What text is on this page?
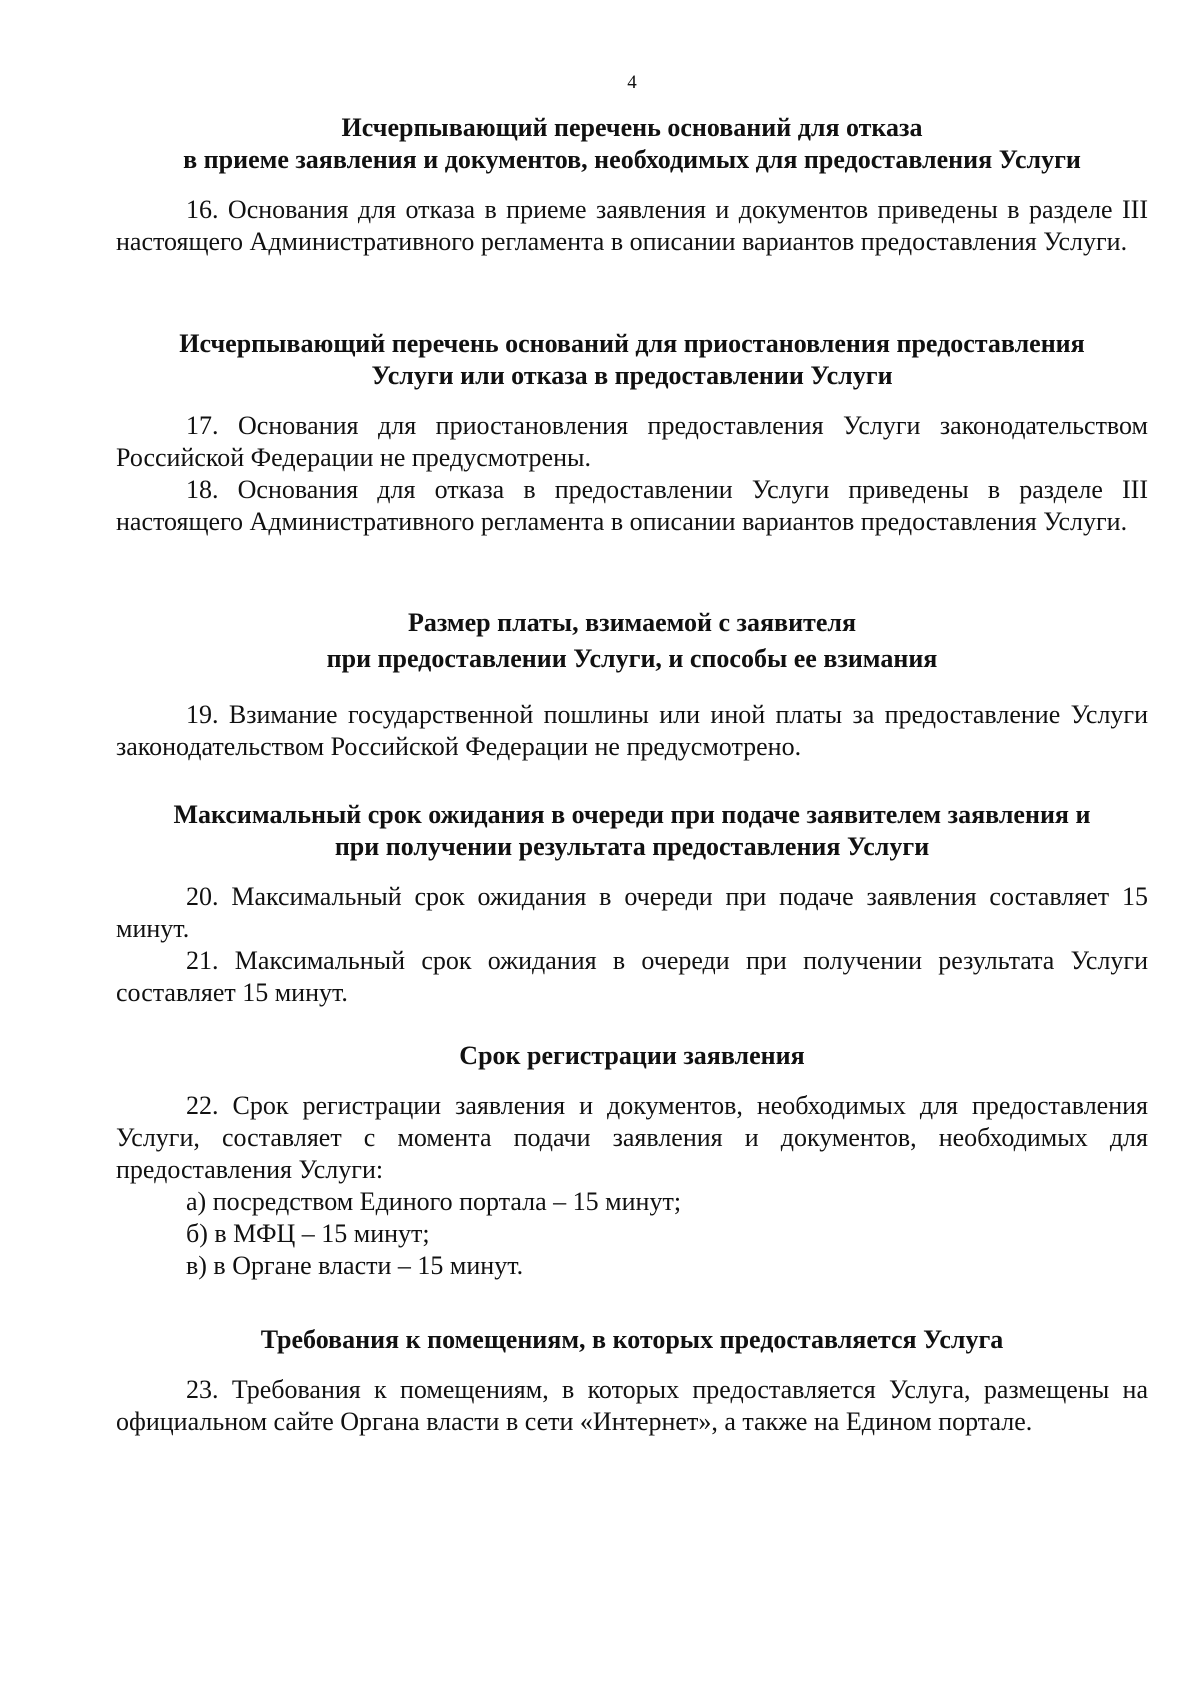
4
Исчерпывающий перечень оснований для отказа
в приеме заявления и документов, необходимых для предоставления Услуги

16. Основания для отказа в приеме заявления и документов приведены в разделе III настоящего Административного регламента в описании вариантов предоставления Услуги.

Исчерпывающий перечень оснований для приостановления предоставления
Услуги или отказа в предоставлении Услуги

17. Основания для приостановления предоставления Услуги законодательством Российской Федерации не предусмотрены.

18. Основания для отказа в предоставлении Услуги приведены в разделе III настоящего Административного регламента в описании вариантов предоставления Услуги.

Размер платы, взимаемой с заявителя
при предоставлении Услуги, и способы ее взимания

19. Взимание государственной пошлины или иной платы за предоставление Услуги законодательством Российской Федерации не предусмотрено.

Максимальный срок ожидания в очереди при подаче заявителем заявления и
при получении результата предоставления Услуги

20. Максимальный срок ожидания в очереди при подаче заявления составляет 15 минут.

21. Максимальный срок ожидания в очереди при получении результата Услуги составляет 15 минут.

Срок регистрации заявления

22. Срок регистрации заявления и документов, необходимых для предоставления Услуги, составляет с момента подачи заявления и документов, необходимых для предоставления Услуги:

а) посредством Единого портала – 15 минут;

б) в МФЦ – 15 минут;

в) в Органе власти – 15 минут.

Требования к помещениям, в которых предоставляется Услуга

23. Требования к помещениям, в которых предоставляется Услуга, размещены на официальном сайте Органа власти в сети «Интернет», а также на Едином портале.
